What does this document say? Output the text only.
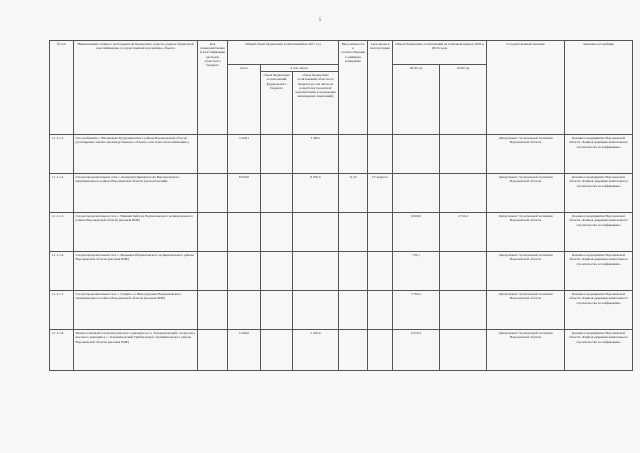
5
№ п/п	Наименование главного распорядителя бюджетных средств, раздела бюджетной классификации, государственной программы, объекта	Код подведомственной классификации расходов областного бюджета	Общий объем бюджетных ассигнований на 2017 год			Ввод мощности в соответствующих единицах измерения	Срок ввода в эксплуатацию	Объем бюджетных ассигнований на плановый период 2018 и 2019 годов		Государственный заказчик	Заказчик-застройщик
			всего	в том числе:				2018 год	2019 год		
				объем бюджетных ассигнований федерального бюджета	объем бюджетных ассигнований областного бюджета (в том числе на разработку проектной документации и проведение инженерных изысканий)						
1.1.1.1.2	Газоснабжение с. Васильевка Бутурлиновского района Воронежской области (расширение опытно-производственного объекта «Система теплоснабжения»)		3 428,1		3 428,1					Департамент строительной политики Воронежской области	Казенное предприятие Воронежской области «Единая дирекция капитального строительства и газификации»
1.1.1.1.4	Газораспределительные сети с. Копылки Прикнепасова Верхнехавского муниципального района Воронежской области (экологический)		8 050,0		8 050,0	11,32	IV квартал			Департамент строительной политики Воронежской области	Казенное предприятие Воронежской области «Единая дирекция капитального строительства и газификации»
1.1.1.1.5	Газораспределительная сеть с. Нижняя Байгора Верхнехавского муниципального района Воронежской области (валовая ПИР)							6 000,0	2 511,0	Департамент строительной политики Воронежской области	Казенное предприятие Воронежской области «Единая дирекция капитального строительства и газификации»
1.1.1.1.6	Газораспределительная сеть с. Марьевка Верхнехавского муниципального района Воронежской области (валовая ПИР)							736,1		Департамент строительной политики Воронежской области	Казенное предприятие Воронежской области «Единая дирекция капитального строительства и газификации»
1.1.1.1.7	Газораспределительная сеть с. Гущино, п. Виноградовка Верхнехавского муниципального района Воронежской области (валовая ПИР)							3 792,2		Департамент строительной политики Воронежской области	Казенное предприятие Воронежской области «Единая дирекция капитального строительства и газификации»
1.1.1.1.8	Межпоселковый газопровод высокого давления до п. Телермановский, газопровод высокого давления к с. Телермановский Грибановского муниципального района Воронежской области (валовая ПИР)		5 200,0		5 200,0			6 522,3		Департамент строительной политики Воронежской области	Казенное предприятие Воронежской области «Единая дирекция капитального строительства и газификации»
